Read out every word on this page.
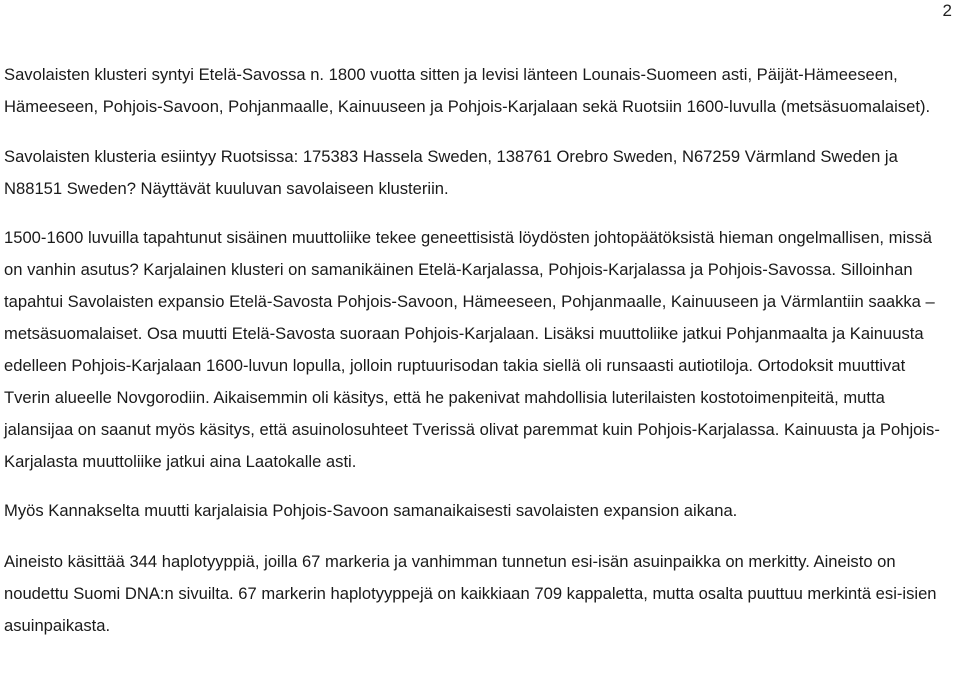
2

Savolaisten klusteri syntyi Etelä-Savossa n. 1800 vuotta sitten ja levisi länteen Lounais-Suomeen asti, Päijät-Hämeeseen, Hämeeseen, Pohjois-Savoon, Pohjanmaalle, Kainuuseen ja Pohjois-Karjalaan sekä Ruotsiin 1600-luvulla (metsäsuomalaiset).

Savolaisten klusteria esiintyy Ruotsissa: 175383 Hassela Sweden, 138761 Orebro Sweden, N67259 Värmland Sweden ja N88151 Sweden? Näyttävät kuuluvan savolaiseen klusteriin.

1500-1600 luvuilla tapahtunut sisäinen muuttoliike tekee geneettisistä löydösten johtopäätöksistä hieman ongelmallisen, missä on vanhin asutus? Karjalainen klusteri on samanikäinen Etelä-Karjalassa, Pohjois-Karjalassa ja Pohjois-Savossa. Silloinhan tapahtui Savolaisten expansio Etelä-Savosta Pohjois-Savoon, Hämeeseen, Pohjanmaalle, Kainuuseen ja Värmlantiin saakka – metsäsuomalaiset. Osa muutti Etelä-Savosta suoraan Pohjois-Karjalaan. Lisäksi muuttoliike jatkui Pohjanmaalta ja Kainuusta edelleen Pohjois-Karjalaan 1600-luvun lopulla, jolloin ruptuurisodan takia siellä oli runsaasti autiotiloja. Ortodoksit muuttivat Tverin alueelle Novgorodiin. Aikaisemmin oli käsitys, että he pakenivat mahdollisia luterilaisten kostotoimenpiteitä, mutta jalansijaa on saanut myös käsitys, että asuinolosuhteet Tverissä olivat paremmat kuin Pohjois-Karjalassa. Kainuusta ja Pohjois-Karjalasta muuttoliike jatkui aina Laatokalle asti.

Myös Kannakselta muutti karjalaisia Pohjois-Savoon samanaikaisesti savolaisten expansion aikana.

Aineisto käsittää 344 haplotyyppiä, joilla 67 markeria ja vanhimman tunnetun esi-isän asuinpaikka on merkitty. Aineisto on noudettu Suomi DNA:n sivuilta. 67 markerin haplotyyppejä on kaikkiaan 709 kappaletta, mutta osalta puuttuu merkintä esi-isien asuinpaikasta.
